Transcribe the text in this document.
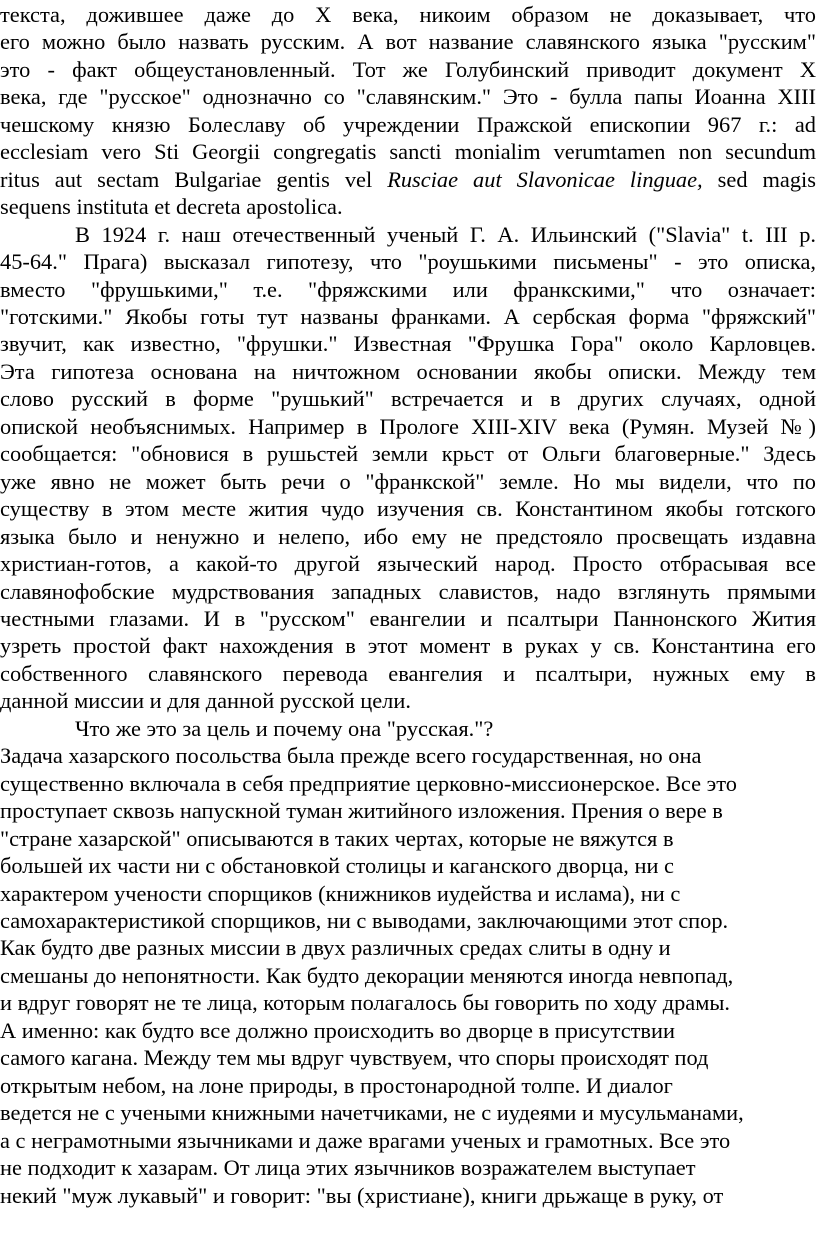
текста, дожившее даже до X века, никоим образом не доказывает, что
его можно было назвать русским. А вот название славянского языка "русским"
это - факт общеустановленный. Тот же Голубинский приводит документ X
века, где "русское" однозначно со "славянским." Это - булла папы Иоанна XIII
чешскому князю Болеславу об учреждении Пражской епископии 967 г.: ad
ecclesiam vero Sti Georgii congregatis sancti monialim verumtamen non secundum
ritus aut sectam Bulgariae gentis vel Rusciae aut Slavonicae linguae, sed magis
sequens instituta et decreta apostolica.
В 1924 г. наш отечественный ученый Г. А. Ильинский ("Slavia" t. III p.
45-64." Прага) высказал гипотезу, что "роушькими письмены" - это описка,
вместо "фрушькими," т.е. "фряжскими или франкскими," что означает:
"готскими." Якобы готы тут названы франками. А сербская форма "фряжский"
звучит, как известно, "фрушки." Известная "Фрушка Гора" около Карловцев.
Эта гипотеза основана на ничтожном основании якобы описки. Между тем
слово русский в форме "рушький" встречается и в других случаях, одной
опиской необъяснимых. Например в Прологе XIII-XIV века (Румян. Музей №)
сообщается: "обновися в рушьстей земли крьст от Ольги благоверные." Здесь
уже явно не может быть речи о "франкской" земле. Но мы видели, что по
существу в этом месте жития чудо изучения св. Константином якобы готского
языка было и ненужно и нелепо, ибо ему не предстояло просвещать издавна
христиан-готов, а какой-то другой языческий народ. Просто отбрасывая все
славянофобские мудрствования западных славистов, надо взглянуть прямыми
честными глазами. И в "русском" евангелии и псалтыри Паннонского Жития
узреть простой факт нахождения в этот момент в руках у св. Константина его
собственного славянского перевода евангелия и псалтыри, нужных ему в
данной миссии и для данной русской цели.
Что же это за цель и почему она "русская."?
Задача хазарского посольства была прежде всего государственная, но она
существенно включала в себя предприятие церковно-миссионерское. Все это
проступает сквозь напускной туман житийного изложения. Прения о вере в
"стране хазарской" описываются в таких чертах, которые не вяжутся в
большей их части ни с обстановкой столицы и каганского дворца, ни с
характером учености спорщиков (книжников иудейства и ислама), ни с
самохарактеристикой спорщиков, ни с выводами, заключающими этот спор.
Как будто две разных миссии в двух различных средах слиты в одну и
смешаны до непонятности. Как будто декорации меняются иногда невпопад,
и вдруг говорят не те лица, которым полагалось бы говорить по ходу драмы.
А именно: как будто все должно происходить во дворце в присутствии
самого кагана. Между тем мы вдруг чувствуем, что споры происходят под
открытым небом, на лоне природы, в простонародной толпе. И диалог
ведется не с учеными книжными начетчиками, не с иудеями и мусульманами,
а с неграмотными язычниками и даже врагами ученых и грамотных. Все это
не подходит к хазарам. От лица этих язычников возражателем выступает
некий "муж лукавый" и говорит: "вы (христиане), книги дрьжаще в руку, от
